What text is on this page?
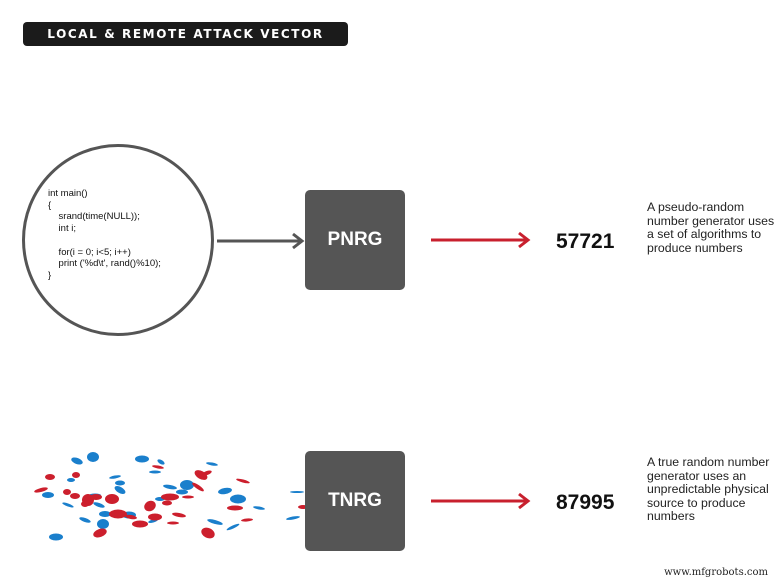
LOCAL & REMOTE ATTACK VECTOR
int main()
{
srand(time(NULL));
int i;
for(i = 0; i<5; i++)
print ('%d\t', rand()%10);
}
PNRG	57721
A pseudo-random number generator uses a set of algorithms to produce numbers
TNRG	87995
A true random number generator uses an unpredictable physical source to produce numbers
www.mfgrobots.com
